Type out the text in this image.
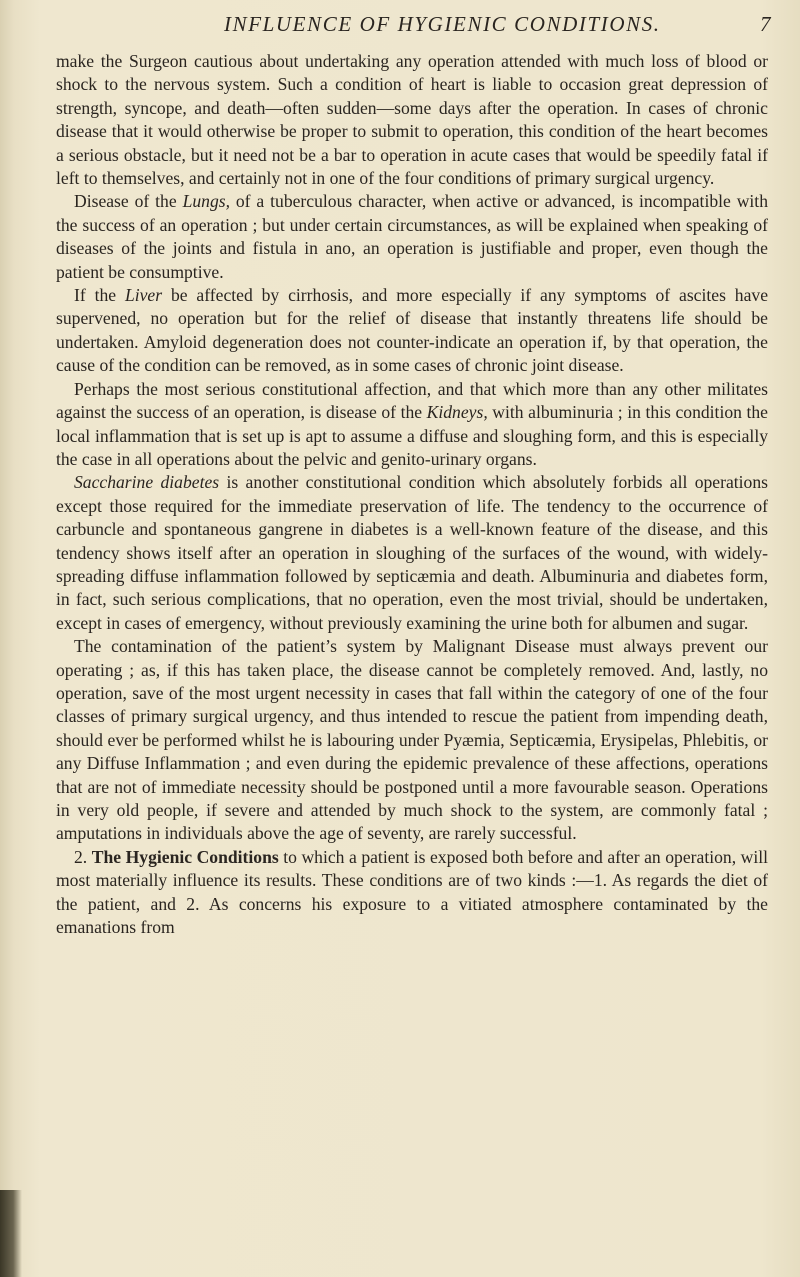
INFLUENCE OF HYGIENIC CONDITIONS.	7

make the Surgeon cautious about undertaking any operation attended with much loss of blood or shock to the nervous system. Such a condition of heart is liable to occasion great depression of strength, syncope, and death—often sudden—some days after the operation. In cases of chronic disease that it would otherwise be proper to submit to operation, this condition of the heart becomes a serious obstacle, but it need not be a bar to operation in acute cases that would be speedily fatal if left to themselves, and certainly not in one of the four conditions of primary surgical urgency.

Disease of the Lungs, of a tuberculous character, when active or advanced, is incompatible with the success of an operation ; but under certain circumstances, as will be explained when speaking of diseases of the joints and fistula in ano, an operation is justifiable and proper, even though the patient be consumptive.

If the Liver be affected by cirrhosis, and more especially if any symptoms of ascites have supervened, no operation but for the relief of disease that instantly threatens life should be undertaken. Amyloid degeneration does not counter-indicate an operation if, by that operation, the cause of the condition can be removed, as in some cases of chronic joint disease.

Perhaps the most serious constitutional affection, and that which more than any other militates against the success of an operation, is disease of the Kidneys, with albuminuria ; in this condition the local inflammation that is set up is apt to assume a diffuse and sloughing form, and this is especially the case in all operations about the pelvic and genito-urinary organs.

Saccharine diabetes is another constitutional condition which absolutely forbids all operations except those required for the immediate preservation of life. The tendency to the occurrence of carbuncle and spontaneous gangrene in diabetes is a well-known feature of the disease, and this tendency shows itself after an operation in sloughing of the surfaces of the wound, with widely-spreading diffuse inflammation followed by septicæmia and death. Albuminuria and diabetes form, in fact, such serious complications, that no operation, even the most trivial, should be undertaken, except in cases of emergency, without previously examining the urine both for albumen and sugar.

The contamination of the patient’s system by Malignant Disease must always prevent our operating ; as, if this has taken place, the disease cannot be completely removed. And, lastly, no operation, save of the most urgent necessity in cases that fall within the category of one of the four classes of primary surgical urgency, and thus intended to rescue the patient from impending death, should ever be performed whilst he is labouring under Pyæmia, Septicæmia, Erysipelas, Phlebitis, or any Diffuse Inflammation ; and even during the epidemic prevalence of these affections, operations that are not of immediate necessity should be postponed until a more favourable season. Operations in very old people, if severe and attended by much shock to the system, are commonly fatal ; amputations in individuals above the age of seventy, are rarely successful.

2. The Hygienic Conditions to which a patient is exposed both before and after an operation, will most materially influence its results. These conditions are of two kinds :—1. As regards the diet of the patient, and 2. As concerns his exposure to a vitiated atmosphere contaminated by the emanations from
